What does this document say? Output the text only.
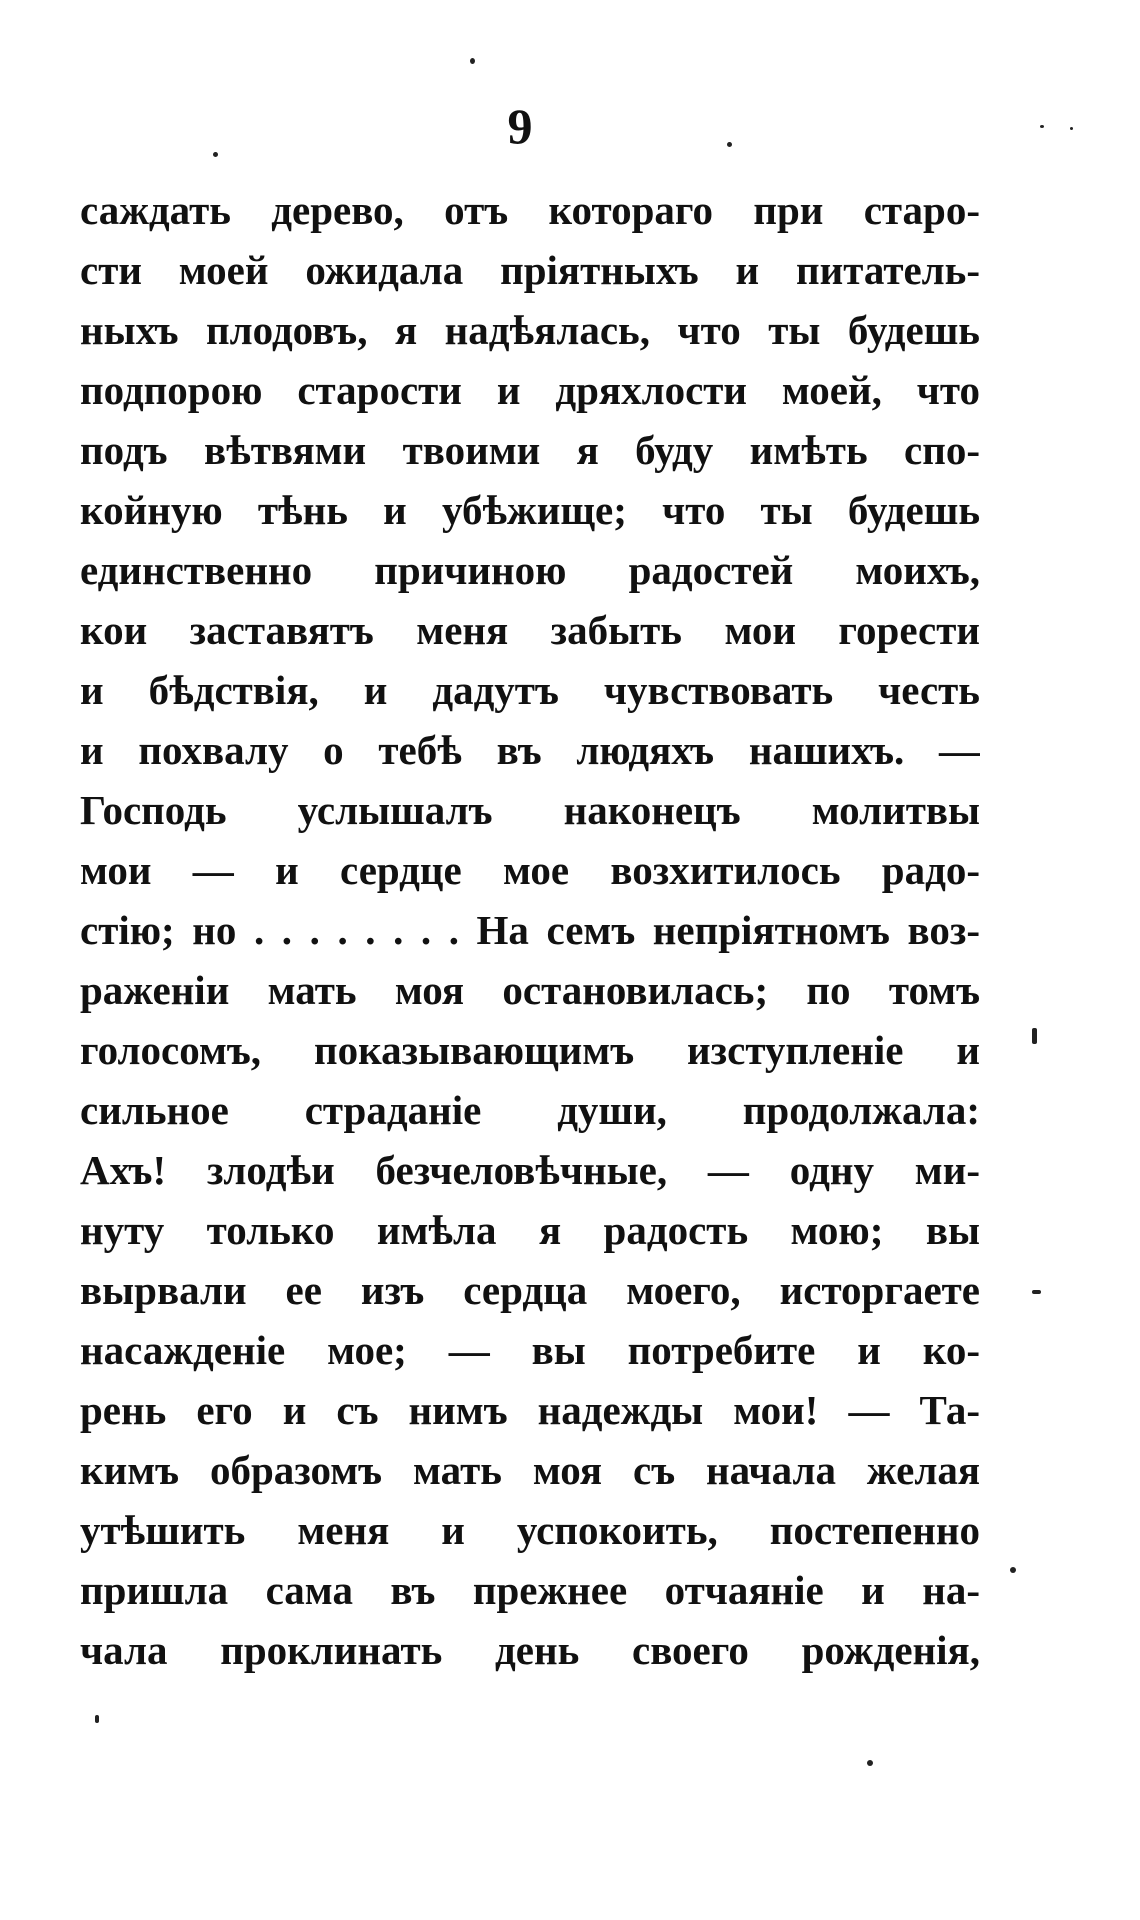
9
саждать дерево, отъ котораго при старо-
сти моей ожидала прiятныхъ и питатель-
ныхъ плодовъ, я надѣялась, что ты будешь
подпорою старости и дряхлости моей, что
подъ вѣтвями твоими я буду имѣть спо-
койную тѣнь и убѣжище; что ты будешь
единственно причиною радостей моихъ,
кои заставятъ меня забыть мои горести
и бѣдствiя, и дадутъ чувствовать честь
и похвалу о тебѣ въ людяхъ нашихъ. —
Господь услышалъ наконецъ молитвы
мои — и сердце мое возхитилось радо-
стiю; но . . . . . . . . На семъ непрiятномъ воз-
раженiи мать моя остановилась; по томъ
голосомъ, показывающимъ изступленiе и
сильное страданiе души, продолжала:
Ахъ! злодѣи безчеловѣчные, — одну ми-
нуту только имѣла я радость мою; вы
вырвали ее изъ сердца моего, исторгаете
насажденiе мое; — вы потребите и ко-
рень его и съ нимъ надежды мои! — Та-
кимъ образомъ мать моя съ начала желая
утѣшить меня и успокоить, постепенно
пришла сама въ прежнее отчаянiе и на-
чала проклинать день своего рожденiя,
